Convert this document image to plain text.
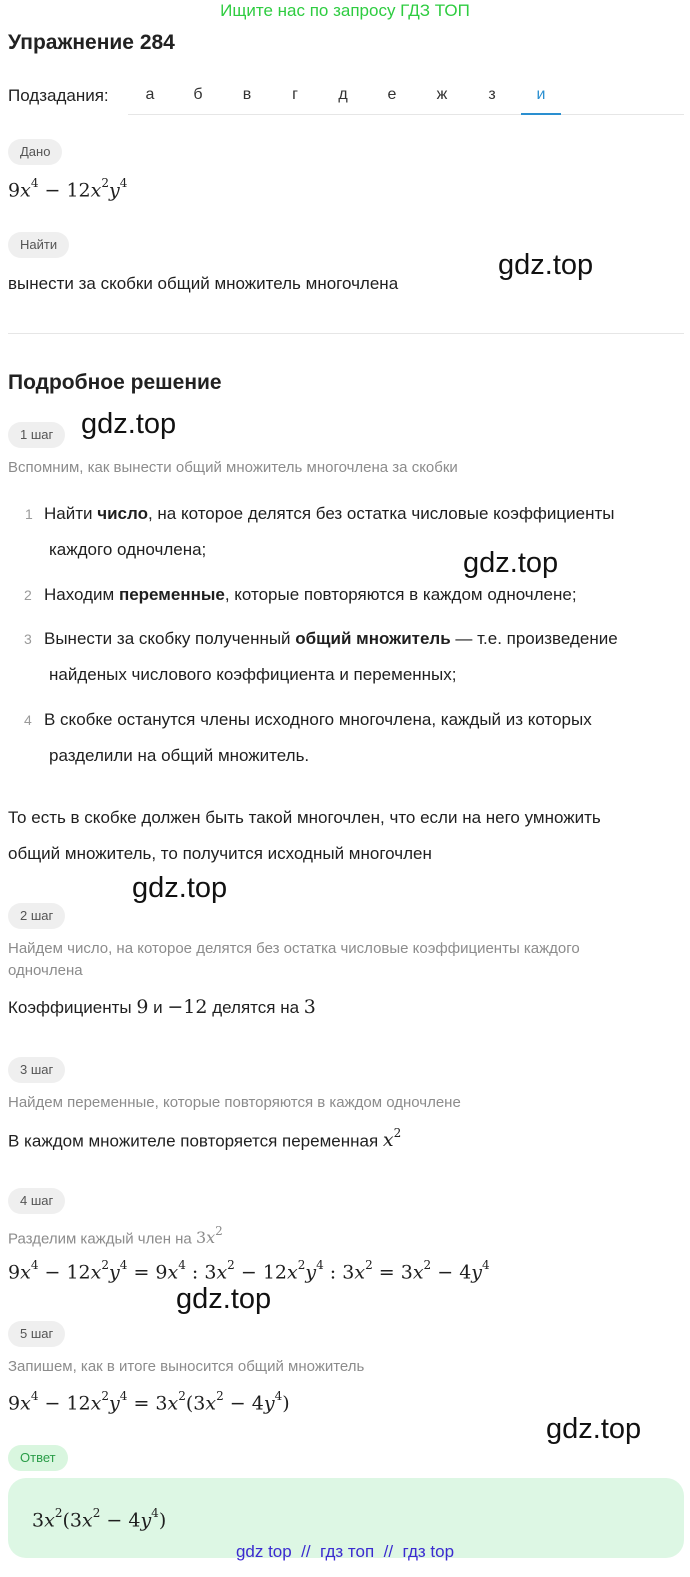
Ищите нас по запросу ГДЗ ТОП
Упражнение 284
Подзадания:	а	б	в	г	д	е	ж	з	и
Дано
$9x^4 - 12x^2y^4$
Найти
вынести за скобки общий множитель многочлена
gdz.top
Подробное решение
1 шаг gdz.top
Вспомним, как вынести общий множитель многочлена за скобки
1 Найти число, на которое делятся без остатка числовые коэффициенты
каждого одночлена;	gdz.top
2 Находим переменные, которые повторяются в каждом одночлене;
3 Вынести за скобку полученный общий множитель — т.е. произведение
найденых числового коэффициента и переменных;
4 В скобке останутся члены исходного многочлена, каждый из которых
разделили на общий множитель.
То есть в скобке должен быть такой многочлен, что если на него умножить
общий множитель, то получится исходный многочлен
2 шаг
gdz.top
Найдем число, на которое делятся без остатка числовые коэффициенты каждого
одночлена
Коэффициенты 9 и −12 делятся на 3
3 шаг
Найдем переменные, которые повторяются в каждом одночлене
В каждом множителе повторяется переменная $x^2$
4 шаг
Разделим каждый член на $3x^2$
$9x^4 - 12x^2y^4 = 9x^4$ : $3x^2 - 12x^2y^4$ : $3x^2 = 3x^2 - 4y^4$
gdz.top
5 шаг
Запишем, как в итоге выносится общий множитель
$9x^4 - 12x^2y^4 = 3x^2(3x^2 - 4y^4)$
gdz.top
Ответ
$3x^2(3x^2 - 4y^4)$
gdz top  //  гдз топ  //  гдз top
